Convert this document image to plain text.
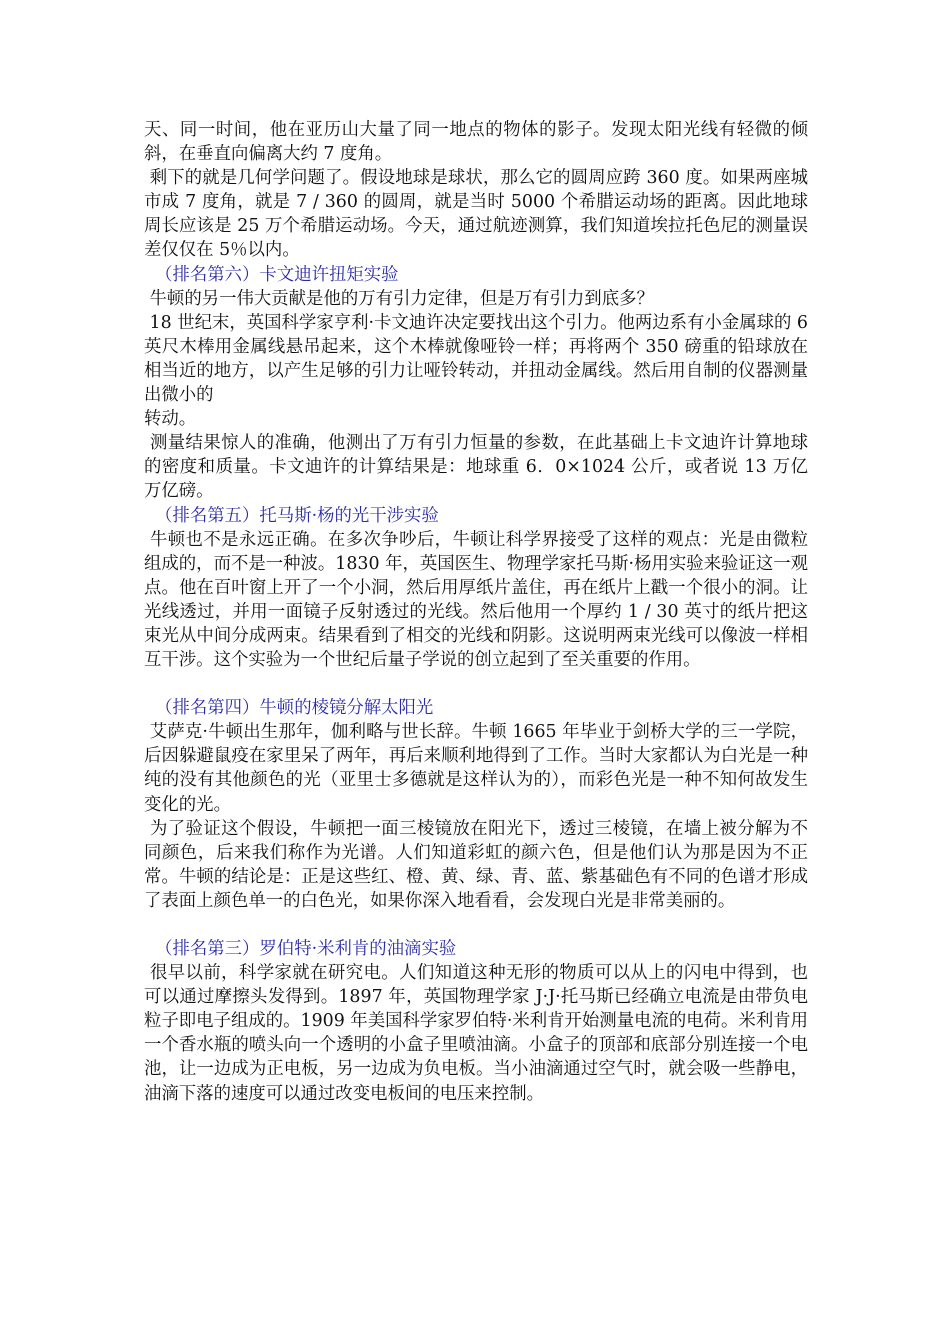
天、同一时间，他在亚历山大量了同一地点的物体的影子。发现太阳光线有轻微的倾斜，在垂直向偏离大约 7 度角。

剩下的就是几何学问题了。假设地球是球状，那么它的圆周应跨 360 度。如果两座城市成 7 度角，就是 7 / 360 的圆周，就是当时 5000 个希腊运动场的距离。因此地球周长应该是 25 万个希腊运动场。今天，通过航迹测算，我们知道埃拉托色尼的测量误差仅仅在 5％以内。

（排名第六）卡文迪许扭矩实验

牛顿的另一伟大贡献是他的万有引力定律，但是万有引力到底多？

18 世纪末，英国科学家亨利·卡文迪许决定要找出这个引力。他两边系有小金属球的 6 英尺木棒用金属线悬吊起来，这个木棒就像哑铃一样；再将两个 350 磅重的铅球放在相当近的地方，以产生足够的引力让哑铃转动，并扭动金属线。然后用自制的仪器测量出微小的

转动。

测量结果惊人的准确，他测出了万有引力恒量的参数，在此基础上卡文迪许计算地球的密度和质量。卡文迪许的计算结果是：地球重 6．0×1024 公斤，或者说 13 万亿万亿磅。

（排名第五）托马斯·杨的光干涉实验

牛顿也不是永远正确。在多次争吵后，牛顿让科学界接受了这样的观点：光是由微粒组成的，而不是一种波。1830 年，英国医生、物理学家托马斯·杨用实验来验证这一观点。他在百叶窗上开了一个小洞，然后用厚纸片盖住，再在纸片上戳一个很小的洞。让光线透过，并用一面镜子反射透过的光线。然后他用一个厚约 1 / 30 英寸的纸片把这束光从中间分成两束。结果看到了相交的光线和阴影。这说明两束光线可以像波一样相互干涉。这个实验为一个世纪后量子学说的创立起到了至关重要的作用。

（排名第四）牛顿的棱镜分解太阳光

艾萨克·牛顿出生那年，伽利略与世长辞。牛顿 1665 年毕业于剑桥大学的三一学院，后因躲避鼠疫在家里呆了两年，再后来顺利地得到了工作。当时大家都认为白光是一种纯的没有其他颜色的光（亚里士多德就是这样认为的），而彩色光是一种不知何故发生变化的光。

为了验证这个假设，牛顿把一面三棱镜放在阳光下，透过三棱镜，在墙上被分解为不同颜色，后来我们称作为光谱。人们知道彩虹的颜六色，但是他们认为那是因为不正常。牛顿的结论是：正是这些红、橙、黄、绿、青、蓝、紫基础色有不同的色谱才形成了表面上颜色单一的白色光，如果你深入地看看，会发现白光是非常美丽的。

（排名第三）罗伯特·米利肯的油滴实验

很早以前，科学家就在研究电。人们知道这种无形的物质可以从上的闪电中得到，也可以通过摩擦头发得到。1897 年，英国物理学家 J·J·托马斯已经确立电流是由带负电粒子即电子组成的。1909 年美国科学家罗伯特·米利肯开始测量电流的电荷。米利肯用一个香水瓶的喷头向一个透明的小盒子里喷油滴。小盒子的顶部和底部分别连接一个电池，让一边成为正电板，另一边成为负电板。当小油滴通过空气时，就会吸一些静电，油滴下落的速度可以通过改变电板间的电压来控制。
